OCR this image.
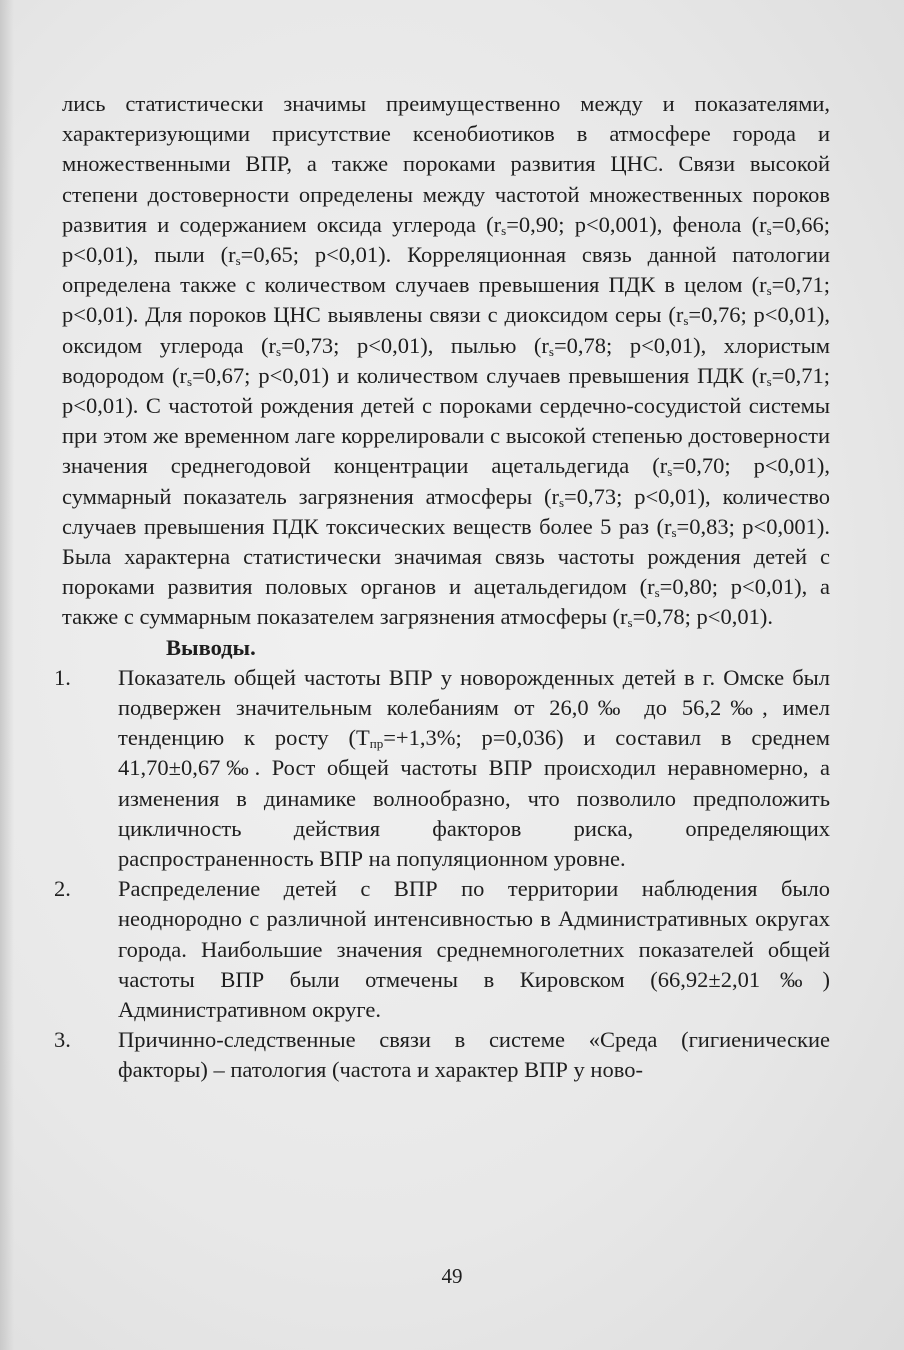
лись статистически значимы преимущественно между и показателями, характеризующими присутствие ксенобиотиков в атмосфере города и множественными ВПР, а также пороками развития ЦНС. Связи высокой степени достоверности определены между частотой множественных пороков развития и содержанием оксида углерода ($r_s=0,90$; p<0,001), фенола ($r_s=0,66$; p<0,01), пыли ($r_s=0,65$; p<0,01). Корреляционная связь данной патологии определена также с количеством случаев превышения ПДК в целом ($r_s=0,71$; p<0,01). Для пороков ЦНС выявлены связи с диоксидом серы ($r_s=0,76$; p<0,01), оксидом углерода ($r_s=0,73$; p<0,01), пылью ($r_s=0,78$; p<0,01), хлористым водородом ($r_s=0,67$; p<0,01) и количеством случаев превышения ПДК ($r_s=0,71$; p<0,01). С частотой рождения детей с пороками сердечно-сосудистой системы при этом же временном лаге коррелировали с высокой степенью достоверности значения среднегодовой концентрации ацетальдегида ($r_s=0,70$; p<0,01), суммарный показатель загрязнения атмосферы ($r_s=0,73$; p<0,01), количество случаев превышения ПДК токсических веществ более 5 раз ($r_s=0,83$; p<0,001). Была характерна статистически значимая связь частоты рождения детей с пороками развития половых органов и ацетальдегидом ($r_s=0,80$; p<0,01), а также с суммарным показателем загрязнения атмосферы ($r_s=0,78$; p<0,01).

Выводы.

1.	Показатель общей частоты ВПР у новорожденных детей в г. Омске был подвержен значительным колебаниям от 26,0‰ до 56,2‰, имел тенденцию к росту ($Т_{пр}=+1,3\%$; p=0,036) и составил в среднем 41,70±0,67‰. Рост общей частоты ВПР происходил неравномерно, а изменения в динамике волнообразно, что позволило предположить цикличность действия факторов риска, определяющих распространенность ВПР на популяционном уровне.
2.	Распределение детей с ВПР по территории наблюдения было неоднородно с различной интенсивностью в Административных округах города. Наибольшие значения среднемноголетних показателей общей частоты ВПР были отмечены в Кировском (66,92±2,01‰) Административном округе.
3.	Причинно-следственные связи в системе «Среда (гигиенические факторы) – патология (частота и характер ВПР у ново-
49
